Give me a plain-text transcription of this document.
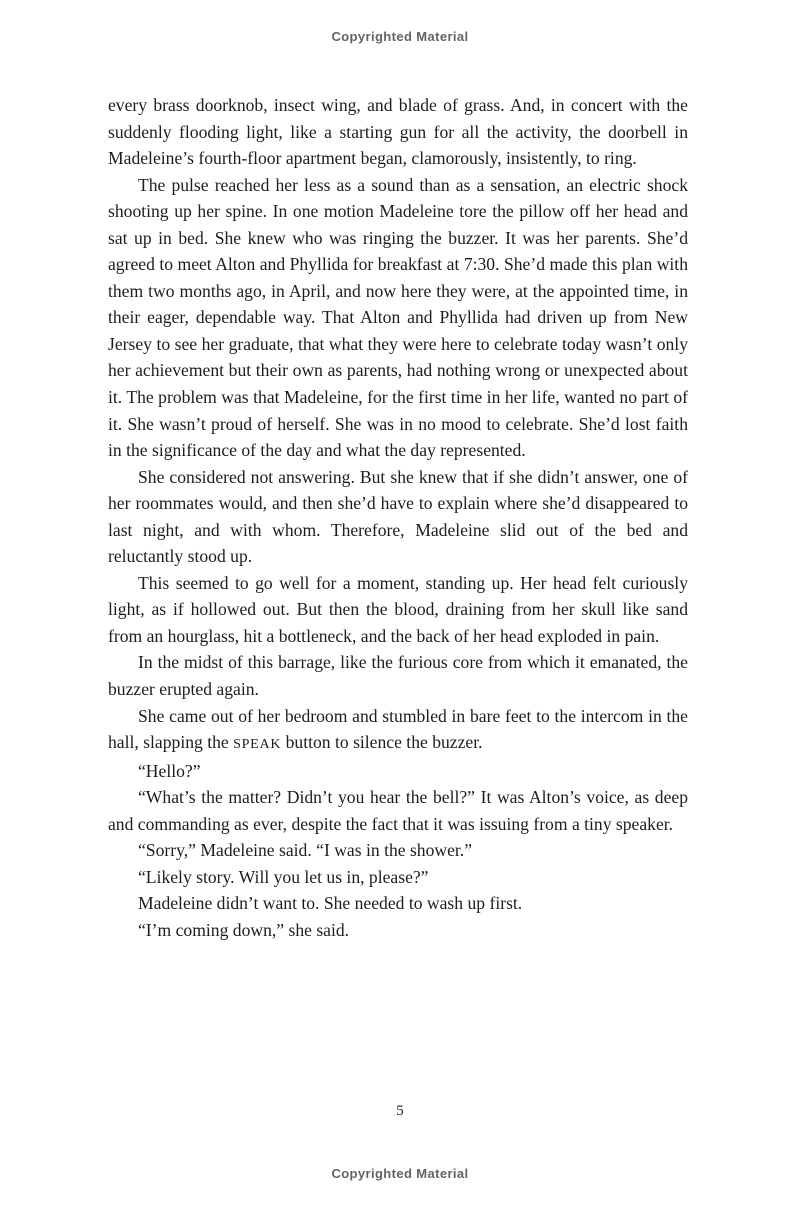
Copyrighted Material

every brass doorknob, insect wing, and blade of grass. And, in concert with the suddenly flooding light, like a starting gun for all the activity, the doorbell in Madeleine’s fourth-floor apartment began, clamorously, insistently, to ring.

The pulse reached her less as a sound than as a sensation, an electric shock shooting up her spine. In one motion Madeleine tore the pillow off her head and sat up in bed. She knew who was ringing the buzzer. It was her parents. She’d agreed to meet Alton and Phyllida for breakfast at 7:30. She’d made this plan with them two months ago, in April, and now here they were, at the appointed time, in their eager, dependable way. That Alton and Phyllida had driven up from New Jersey to see her graduate, that what they were here to celebrate today wasn’t only her achievement but their own as parents, had nothing wrong or unexpected about it. The problem was that Madeleine, for the first time in her life, wanted no part of it. She wasn’t proud of herself. She was in no mood to celebrate. She’d lost faith in the significance of the day and what the day represented.

She considered not answering. But she knew that if she didn’t answer, one of her roommates would, and then she’d have to explain where she’d disappeared to last night, and with whom. Therefore, Madeleine slid out of the bed and reluctantly stood up.

This seemed to go well for a moment, standing up. Her head felt curiously light, as if hollowed out. But then the blood, draining from her skull like sand from an hourglass, hit a bottleneck, and the back of her head exploded in pain.

In the midst of this barrage, like the furious core from which it emanated, the buzzer erupted again.

She came out of her bedroom and stumbled in bare feet to the intercom in the hall, slapping the SPEAK button to silence the buzzer.

“Hello?”

“What’s the matter? Didn’t you hear the bell?” It was Alton’s voice, as deep and commanding as ever, despite the fact that it was issuing from a tiny speaker.

“Sorry,” Madeleine said. “I was in the shower.”

“Likely story. Will you let us in, please?”

Madeleine didn’t want to. She needed to wash up first.

“I’m coming down,” she said.

5
Copyrighted Material
